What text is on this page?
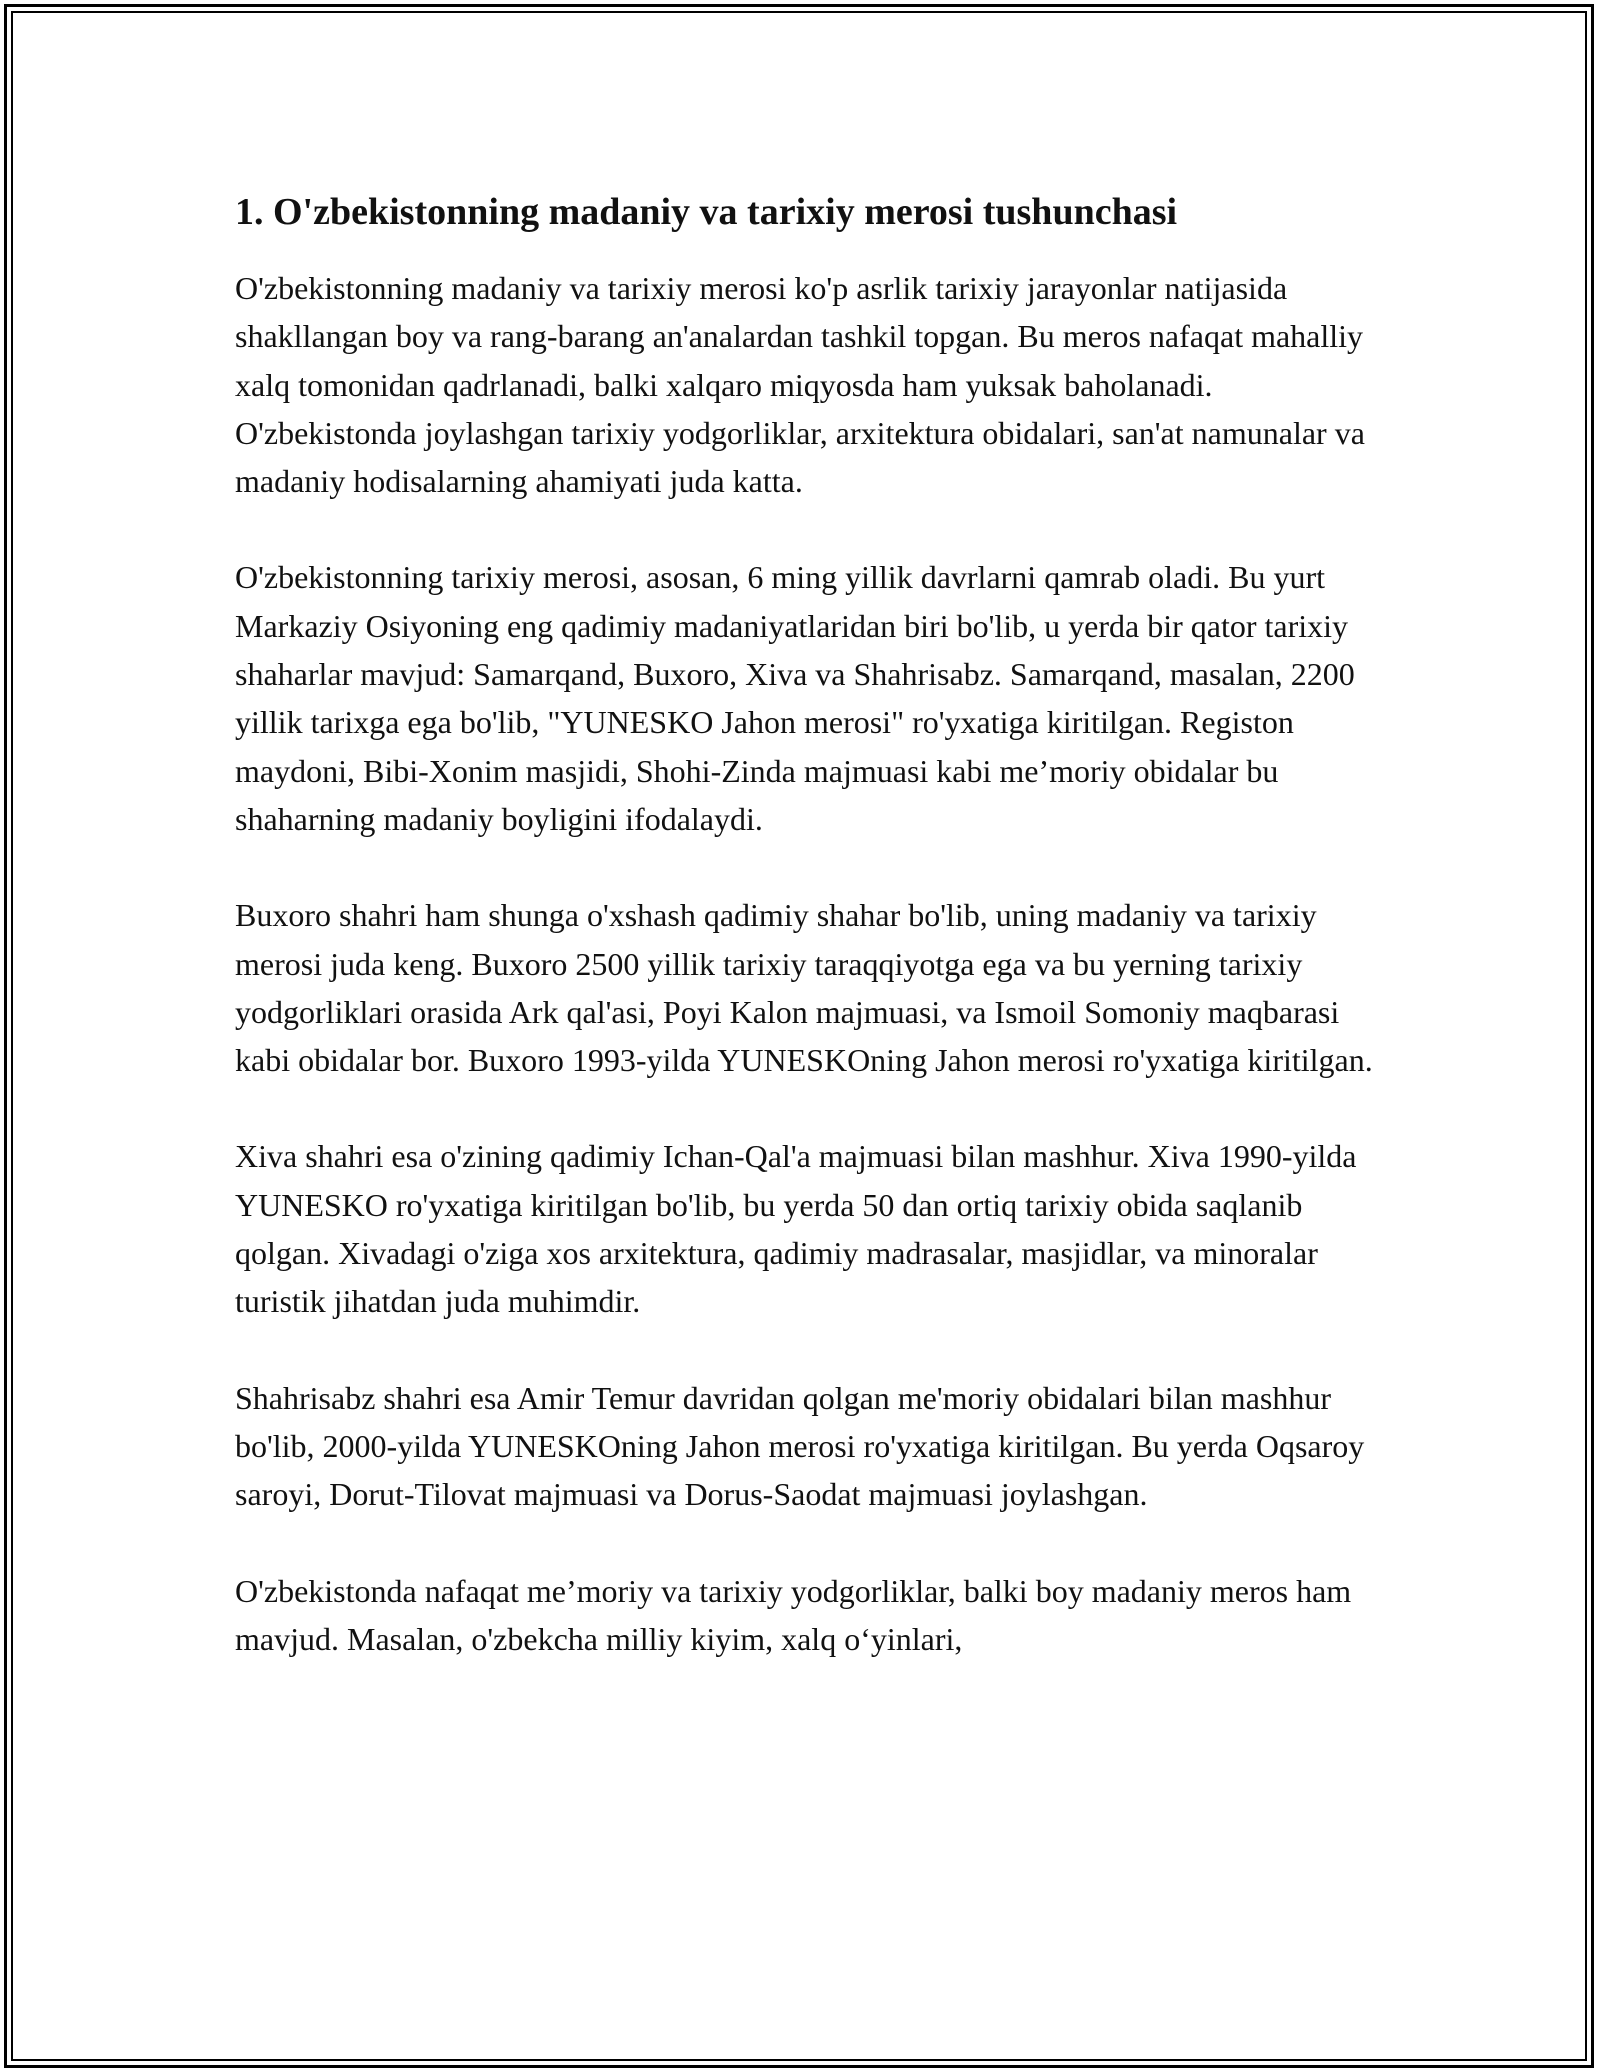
1. O'zbekistonning madaniy va tarixiy merosi tushunchasi

O'zbekistonning madaniy va tarixiy merosi ko'p asrlik tarixiy jarayonlar natijasida shakllangan boy va rang-barang an'analardan tashkil topgan. Bu meros nafaqat mahalliy xalq tomonidan qadrlanadi, balki xalqaro miqyosda ham yuksak baholanadi. O'zbekistonda joylashgan tarixiy yodgorliklar, arxitektura obidalari, san'at namunalar va madaniy hodisalarning ahamiyati juda katta.

O'zbekistonning tarixiy merosi, asosan, 6 ming yillik davrlarni qamrab oladi. Bu yurt Markaziy Osiyoning eng qadimiy madaniyatlaridan biri bo'lib, u yerda bir qator tarixiy shaharlar mavjud: Samarqand, Buxoro, Xiva va Shahrisabz. Samarqand, masalan, 2200 yillik tarixga ega bo'lib, "YUNESKO Jahon merosi" ro'yxatiga kiritilgan. Registon maydoni, Bibi-Xonim masjidi, Shohi-Zinda majmuasi kabi me’moriy obidalar bu shaharning madaniy boyligini ifodalaydi.

Buxoro shahri ham shunga o'xshash qadimiy shahar bo'lib, uning madaniy va tarixiy merosi juda keng. Buxoro 2500 yillik tarixiy taraqqiyotga ega va bu yerning tarixiy yodgorliklari orasida Ark qal'asi, Poyi Kalon majmuasi, va Ismoil Somoniy maqbarasi kabi obidalar bor. Buxoro 1993-yilda YUNESKOning Jahon merosi ro'yxatiga kiritilgan.

Xiva shahri esa o'zining qadimiy Ichan-Qal'a majmuasi bilan mashhur. Xiva 1990-yilda YUNESKO ro'yxatiga kiritilgan bo'lib, bu yerda 50 dan ortiq tarixiy obida saqlanib qolgan. Xivadagi o'ziga xos arxitektura, qadimiy madrasalar, masjidlar, va minoralar turistik jihatdan juda muhimdir.

Shahrisabz shahri esa Amir Temur davridan qolgan me'moriy obidalari bilan mashhur bo'lib, 2000-yilda YUNESKOning Jahon merosi ro'yxatiga kiritilgan. Bu yerda Oqsaroy saroyi, Dorut-Tilovat majmuasi va Dorus-Saodat majmuasi joylashgan.

O'zbekistonda nafaqat me’moriy va tarixiy yodgorliklar, balki boy madaniy meros ham mavjud. Masalan, o'zbekcha milliy kiyim, xalq o‘yinlari,
